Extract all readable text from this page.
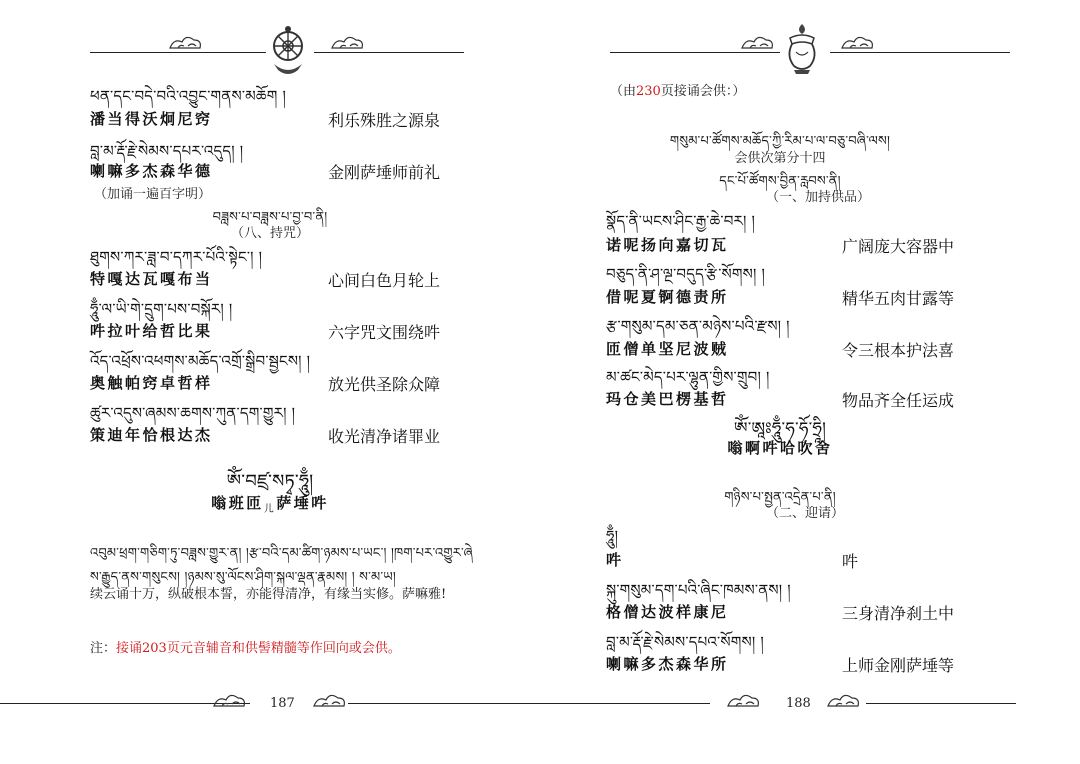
ཕན་དང་བདེ་བའི་འབྱུང་གནས་མཆོག །
潘当得沃炯尼窍	利乐殊胜之源泉
བླ་མ་རྡོ་རྗེ་སེམས་དཔར་འདུད། །
喇嘛多杰森华德	金刚萨埵师前礼
（加诵一遍百字明）
བཟླས་པ་བཟླས་པ་བྱ་བ་ནི།
（八、持咒）
ཐུགས་ཀར་ཟླ་བ་དཀར་པོའི་སྟེང་། །
特嘎达瓦嘎布当	心间白色月轮上
ཧཱུྃ་ལ་ཡི་གེ་དྲུག་པས་བསྐོར། །
吽拉叶给哲比果	六字咒文围绕吽
འོད་འཕྲོས་འཕགས་མཆོད་འགྲོ་སྒྲིབ་སྦྱངས། །
奥触帕窍卓哲样	放光供圣除众障
ཚུར་འདུས་ཞམས་ཆགས་ཀུན་དག་གྱུར། །
策迪年恰根达杰	收光清净诸罪业
ཨོཾ་བཛྲ་སཏྭ་ཧཱུྃ།
嗡班匝$_儿$萨埵吽
འབུམ་ཕྲག་གཅིག་ཏུ་བཟླས་གྱུར་ན། །རྩ་བའི་དམ་ཚིག་ཉམས་པ་ཡང་། །ཁག་པར་འགྱུར་ཞེ
ས་རྒྱུད་ནས་གསུངས། །ཉམས་སུ་ལོངས་ཤིག་སྐལ་ལྡན་རྣམས། ། ས་མ་ཡ།
续云诵十万，纵破根本誓，亦能得清净，有缘当实修。萨嘛雅!
注：接诵203页元音辅音和供髻精髓等作回向或会供。
187
（由230页接诵会供：）
གསུམ་པ་ཚོགས་མཆོད་ཀྱི་རིམ་པ་ལ་བཅུ་བཞི་ལས།
会供次第分十四
དང་པོ་ཚོགས་བྱིན་རླབས་ནི།
（一、加持供品）
སྣོད་ནི་ཡངས་ཤིང་རྒྱ་ཆེ་བར། །
诺呢扬向嘉切瓦	广阔庞大容器中
བཅུད་ནི་ཤ་ལྔ་བདུད་རྩི་སོགས། །
借呢夏锕德责所	精华五肉甘露等
རྩ་གསུམ་དམ་ཅན་མཉེས་པའི་རྫས། །
匝僧单坚尼波贼	令三根本护法喜
མ་ཚང་མེད་པར་ལྷུན་གྱིས་གྲུབ། །
玛仓美巴楞基哲	物品齐全任运成
ཨོཾ་ཨཱཿཧཱུྃ་ཧ་ཧོ་ཧྲཱི།
嗡啊吽哈吹舍
གཉིས་པ་སྤྱན་འདྲེན་པ་ནི།
（二、迎请）
ཧཱུྃ།
吽	吽
སྐུ་གསུམ་དག་པའི་ཞིང་ཁམས་ནས། །
格僧达波样康尼	三身清净刹土中
བླ་མ་རྡོ་རྗེ་སེམས་དཔའ་སོགས། །
喇嘛多杰森华所	上师金刚萨埵等
188
